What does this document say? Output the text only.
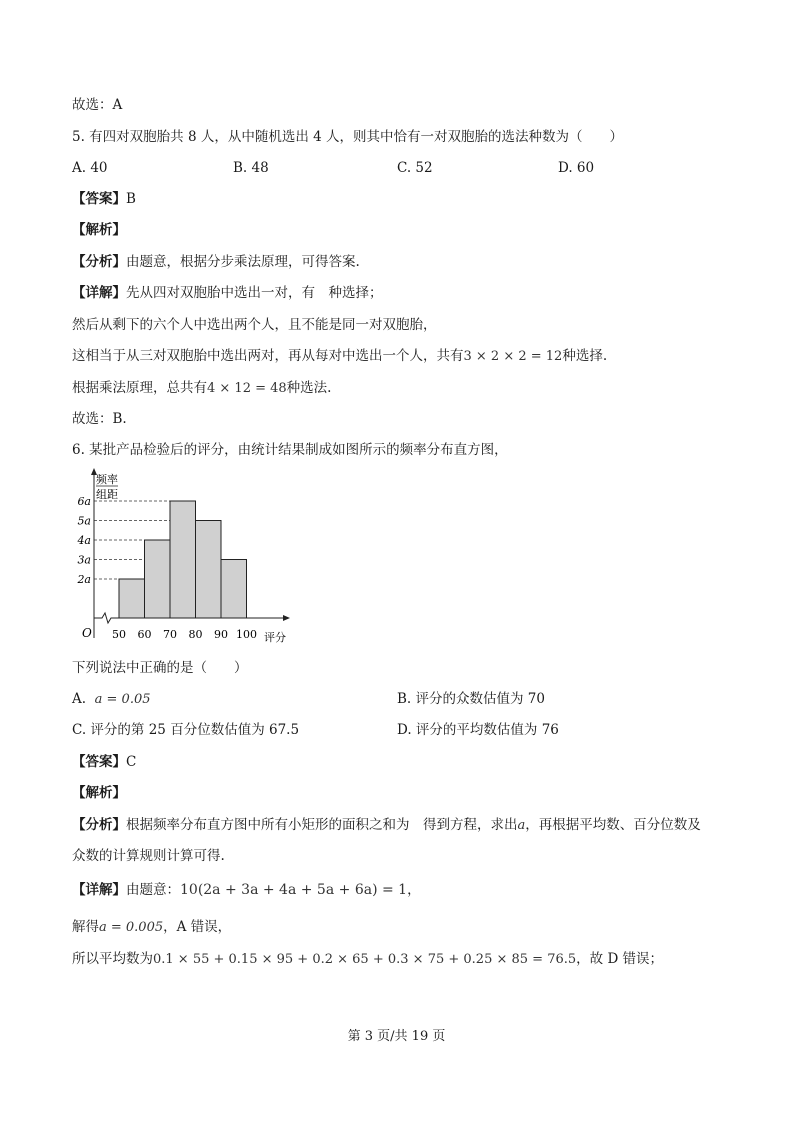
故选：A
5. 有四对双胞胎共 8 人，从中随机选出 4 人，则其中恰有一对双胞胎的选法种数为（　　）
A. 40	B. 48	C. 52	D. 60
【答案】B
【解析】
【分析】由题意，根据分步乘法原理，可得答案.
【详解】先从四对双胞胎中选出一对，有　种选择；
然后从剩下的六个人中选出两个人，且不能是同一对双胞胎，
这相当于从三对双胞胎中选出两对，再从每对中选出一个人，共有3 × 2 × 2 = 12种选择.
根据乘法原理，总共有4 × 12 = 48种选法.
故选：B.
6. 某批产品检验后的评分，由统计结果制成如图所示的频率分布直方图，
频率
组距
O	评分
2a
3a
4a
5a
6a
50 60 70 80 90 100
下列说法中正确的是（　　）
A. a = 0.05	B. 评分的众数估值为 70
C. 评分的第 25 百分位数估值为 67.5	D. 评分的平均数估值为 76
【答案】C
【解析】
【分析】根据频率分布直方图中所有小矩形的面积之和为　得到方程，求出a，再根据平均数、百分位数及
众数的计算规则计算可得.
【详解】由题意：10(2a + 3a + 4a + 5a + 6a) = 1，
解得a = 0.005，A 错误，
所以平均数为0.1 × 55 + 0.15 × 95 + 0.2 × 65 + 0.3 × 75 + 0.25 × 85 = 76.5，故 D 错误；
第 3 页/共 19 页
